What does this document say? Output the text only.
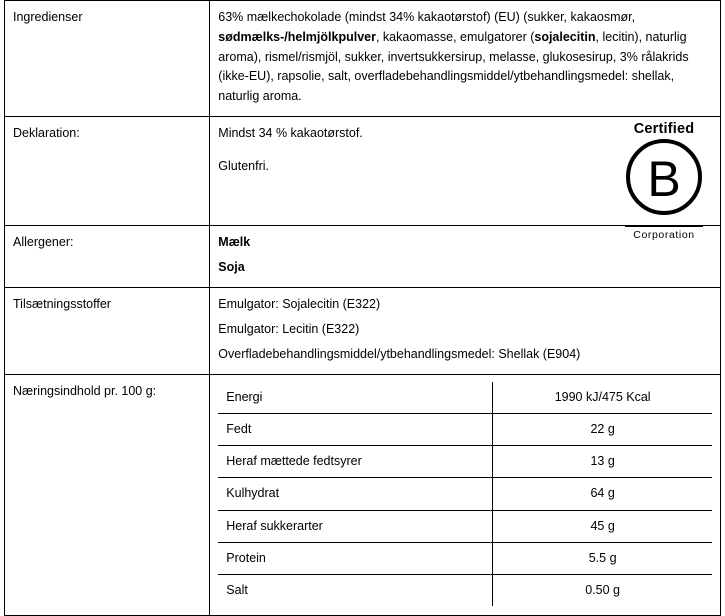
Ingredienser	63% mælkechokolade (mindst 34% kakaotørstof) (EU) (sukker, kakaosmør, sødmælks-/helmjölkpulver, kakaomasse, emulgatorer (sojalecitin, lecitin), naturlig aroma), rismel/rismjöl, sukker, invertsukkersirup, melasse, glukosesirup, 3% rålakrids (ikke-EU), rapsolie, salt, overfladebehandlingsmiddel/ytbehandlingsmedel: shellak, naturlig aroma.

Deklaration:	Mindst 34 % kakaotørstof.
Glutenfri.
Certified
B
Corporation

Allergener:	Mælk
Soja

Tilsætningsstoffer	Emulgator: Sojalecitin (E322)
Emulgator: Lecitin (E322)
Overfladebehandlingsmiddel/ytbehandlingsmedel: Shellak (E904)

Næringsindhold pr. 100 g:		Energi	1990 kJ/475 Kcal
Fedt	22 g
Heraf mættede fedtsyrer	13 g
Kulhydrat	64 g
Heraf sukkerarter	45 g
Protein	5.5 g
Salt	0.50 g
